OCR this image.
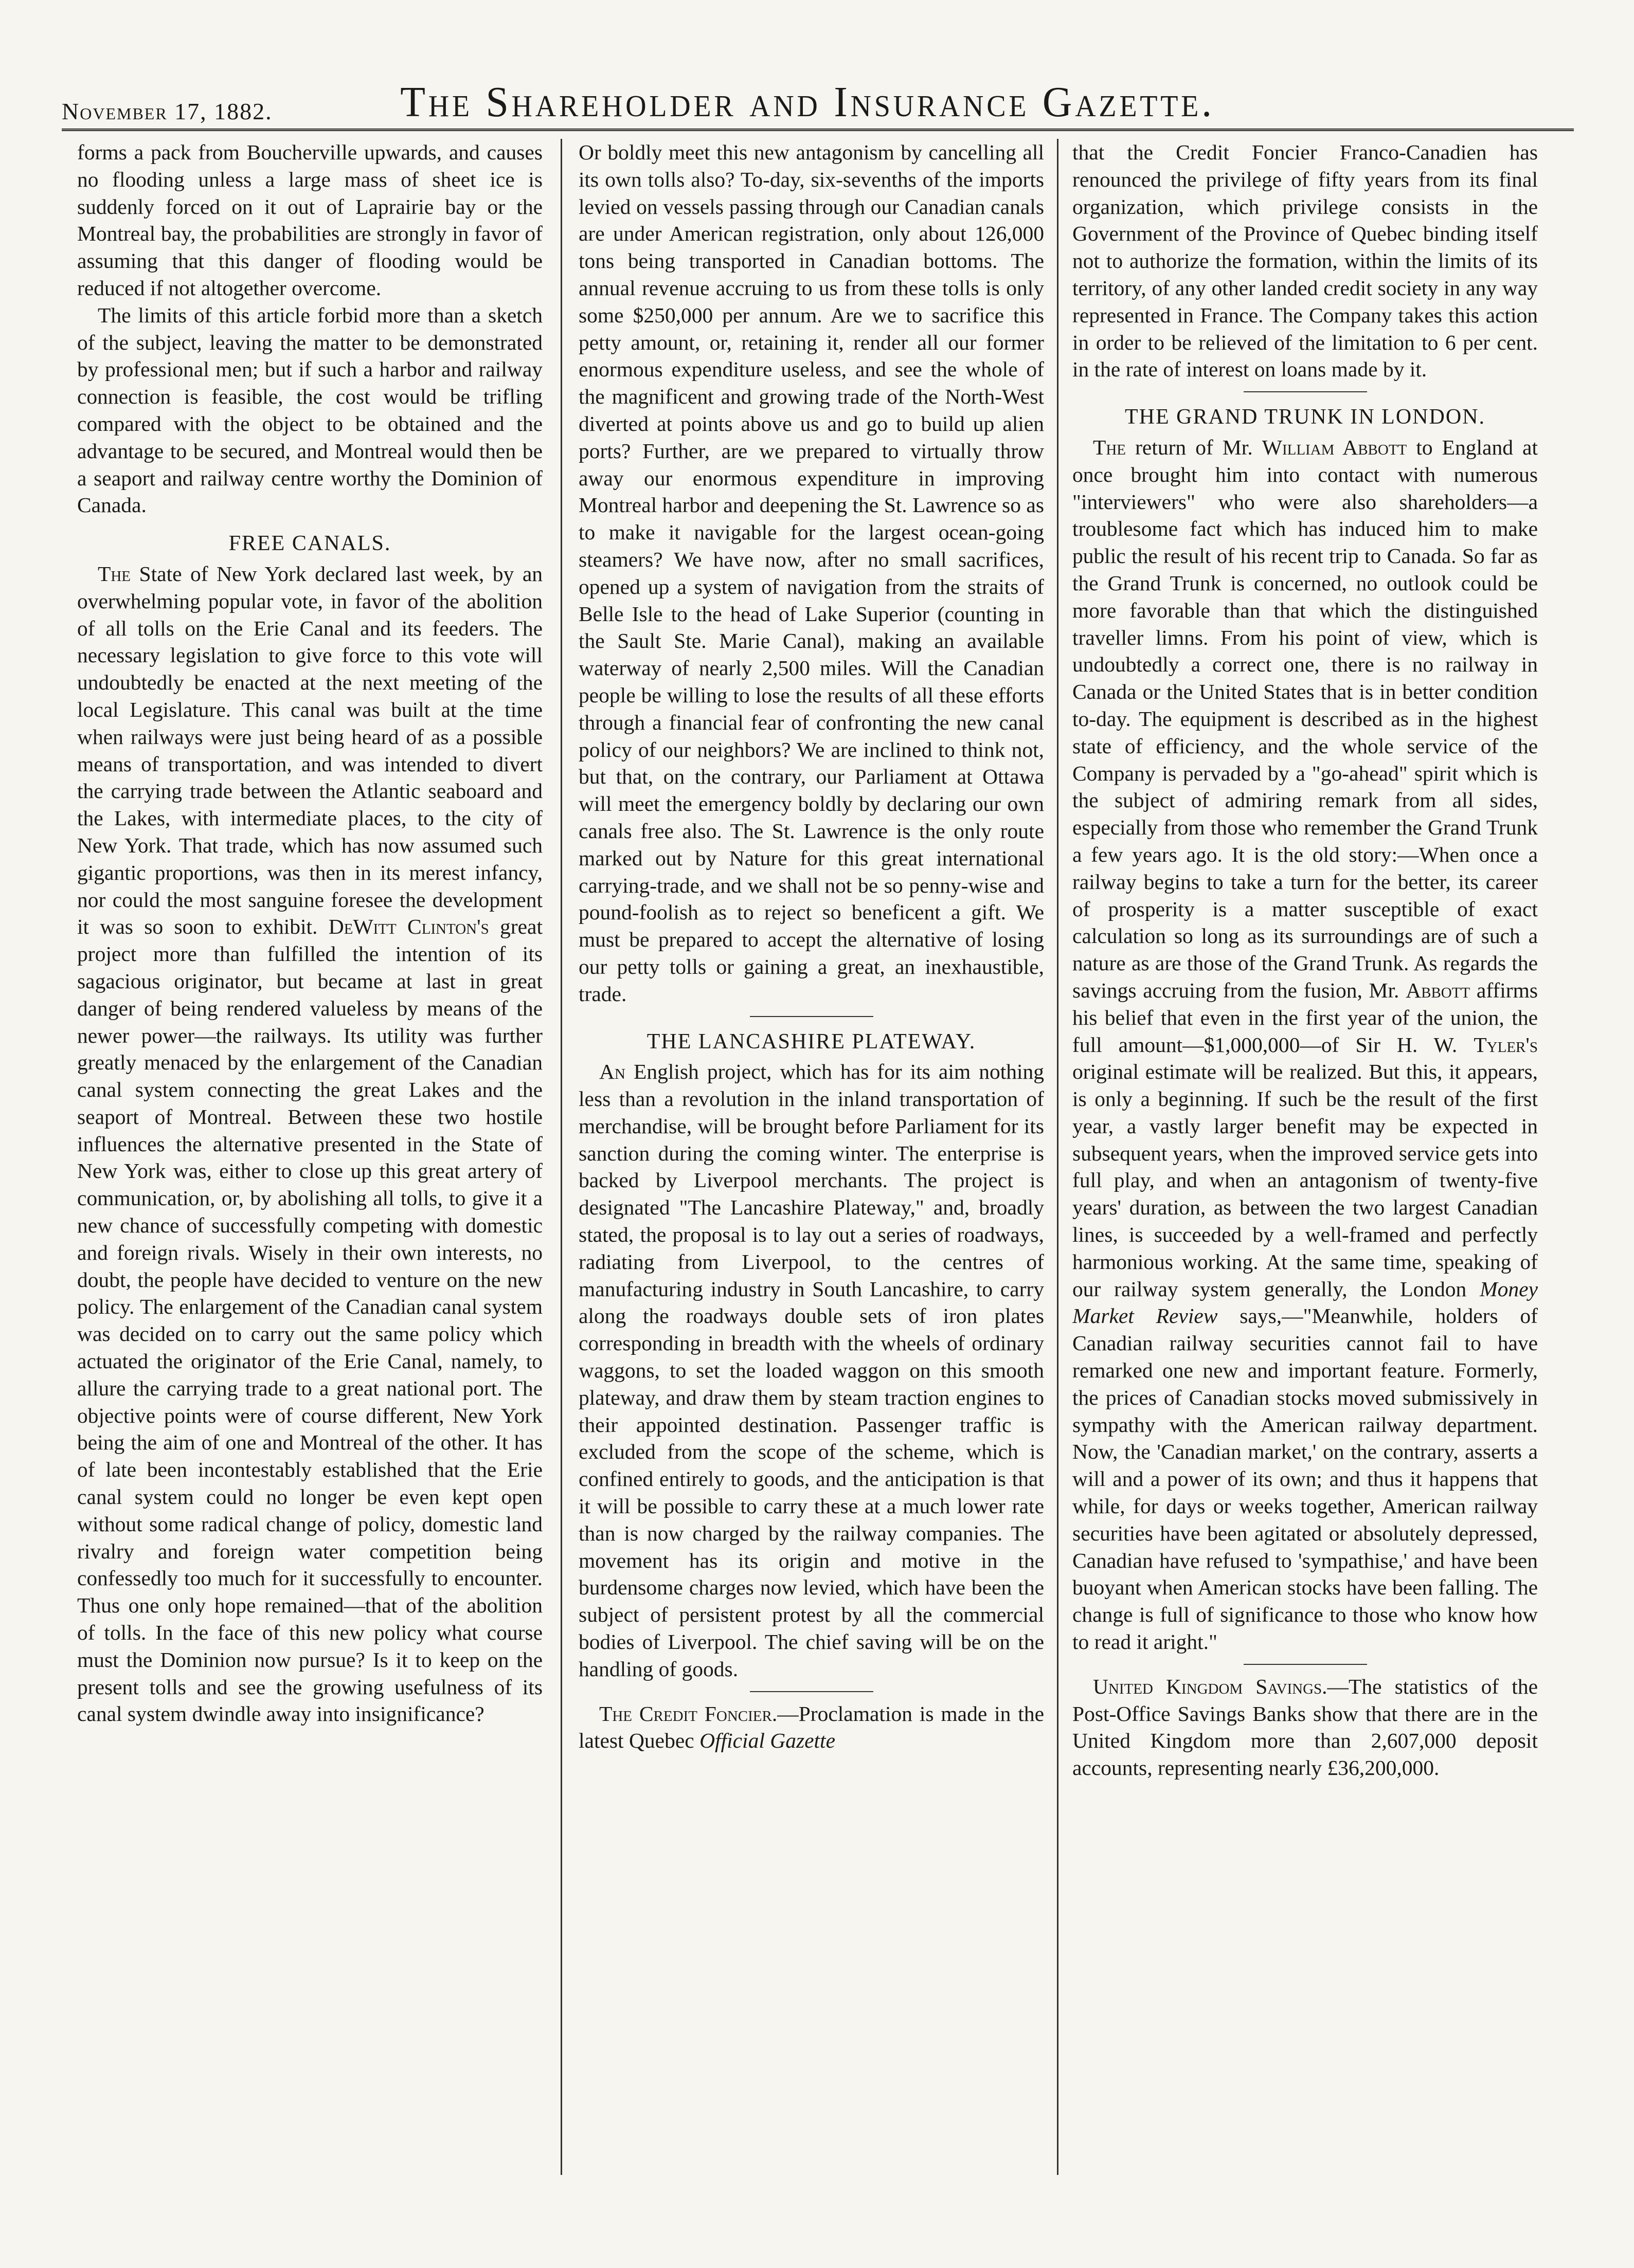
November 17, 1882.	The Shareholder and Insurance Gazette.

forms a pack from Boucherville upwards, and causes no flooding unless a large mass of sheet ice is suddenly forced on it out of Laprairie bay or the Montreal bay, the probabilities are strongly in favor of assuming that this danger of flooding would be reduced if not altogether overcome.

The limits of this article forbid more than a sketch of the subject, leaving the matter to be demonstrated by professional men; but if such a harbor and railway connection is feasible, the cost would be trifling compared with the object to be obtained and the advantage to be secured, and Montreal would then be a seaport and railway centre worthy the Dominion of Canada.

FREE CANALS.

The State of New York declared last week, by an overwhelming popular vote, in favor of the abolition of all tolls on the Erie Canal and its feeders. The necessary legislation to give force to this vote will undoubtedly be enacted at the next meeting of the local Legislature. This canal was built at the time when railways were just being heard of as a possible means of transportation, and was intended to divert the carrying trade between the Atlantic seaboard and the Lakes, with intermediate places, to the city of New York. That trade, which has now assumed such gigantic proportions, was then in its merest infancy, nor could the most sanguine foresee the development it was so soon to exhibit. DeWitt Clinton's great project more than fulfilled the intention of its sagacious originator, but became at last in great danger of being rendered valueless by means of the newer power—the railways. Its utility was further greatly menaced by the enlargement of the Canadian canal system connecting the great Lakes and the seaport of Montreal. Between these two hostile influences the alternative presented in the State of New York was, either to close up this great artery of communication, or, by abolishing all tolls, to give it a new chance of successfully competing with domestic and foreign rivals. Wisely in their own interests, no doubt, the people have decided to venture on the new policy. The enlargement of the Canadian canal system was decided on to carry out the same policy which actuated the originator of the Erie Canal, namely, to allure the carrying trade to a great national port. The objective points were of course different, New York being the aim of one and Montreal of the other. It has of late been incontestably established that the Erie canal system could no longer be even kept open without some radical change of policy, domestic land rivalry and foreign water competition being confessedly too much for it successfully to encounter. Thus one only hope remained—that of the abolition of tolls. In the face of this new policy what course must the Dominion now pursue? Is it to keep on the present tolls and see the growing usefulness of its canal system dwindle away into insignificance?

Or boldly meet this new antagonism by cancelling all its own tolls also? To-day, six-sevenths of the imports levied on vessels passing through our Canadian canals are under American registration, only about 126,000 tons being transported in Canadian bottoms. The annual revenue accruing to us from these tolls is only some $250,000 per annum. Are we to sacrifice this petty amount, or, retaining it, render all our former enormous expenditure useless, and see the whole of the magnificent and growing trade of the North-West diverted at points above us and go to build up alien ports? Further, are we prepared to virtually throw away our enormous expenditure in improving Montreal harbor and deepening the St. Lawrence so as to make it navigable for the largest ocean-going steamers? We have now, after no small sacrifices, opened up a system of navigation from the straits of Belle Isle to the head of Lake Superior (counting in the Sault Ste. Marie Canal), making an available waterway of nearly 2,500 miles. Will the Canadian people be willing to lose the results of all these efforts through a financial fear of confronting the new canal policy of our neighbors? We are inclined to think not, but that, on the contrary, our Parliament at Ottawa will meet the emergency boldly by declaring our own canals free also. The St. Lawrence is the only route marked out by Nature for this great international carrying-trade, and we shall not be so penny-wise and pound-foolish as to reject so beneficent a gift. We must be prepared to accept the alternative of losing our petty tolls or gaining a great, an inexhaustible, trade.

THE LANCASHIRE PLATEWAY.

An English project, which has for its aim nothing less than a revolution in the inland transportation of merchandise, will be brought before Parliament for its sanction during the coming winter. The enterprise is backed by Liverpool merchants. The project is designated "The Lancashire Plateway," and, broadly stated, the proposal is to lay out a series of roadways, radiating from Liverpool, to the centres of manufacturing industry in South Lancashire, to carry along the roadways double sets of iron plates corresponding in breadth with the wheels of ordinary waggons, to set the loaded waggon on this smooth plateway, and draw them by steam traction engines to their appointed destination. Passenger traffic is excluded from the scope of the scheme, which is confined entirely to goods, and the anticipation is that it will be possible to carry these at a much lower rate than is now charged by the railway companies. The movement has its origin and motive in the burdensome charges now levied, which have been the subject of persistent protest by all the commercial bodies of Liverpool. The chief saving will be on the handling of goods.

The Credit Foncier.—Proclamation is made in the latest Quebec Official Gazette

that the Credit Foncier Franco-Canadien has renounced the privilege of fifty years from its final organization, which privilege consists in the Government of the Province of Quebec binding itself not to authorize the formation, within the limits of its territory, of any other landed credit society in any way represented in France. The Company takes this action in order to be relieved of the limitation to 6 per cent. in the rate of interest on loans made by it.

THE GRAND TRUNK IN LONDON.

The return of Mr. William Abbott to England at once brought him into contact with numerous "interviewers" who were also shareholders—a troublesome fact which has induced him to make public the result of his recent trip to Canada. So far as the Grand Trunk is concerned, no outlook could be more favorable than that which the distinguished traveller limns. From his point of view, which is undoubtedly a correct one, there is no railway in Canada or the United States that is in better condition to-day. The equipment is described as in the highest state of efficiency, and the whole service of the Company is pervaded by a "go-ahead" spirit which is the subject of admiring remark from all sides, especially from those who remember the Grand Trunk a few years ago. It is the old story:—When once a railway begins to take a turn for the better, its career of prosperity is a matter susceptible of exact calculation so long as its surroundings are of such a nature as are those of the Grand Trunk. As regards the savings accruing from the fusion, Mr. Abbott affirms his belief that even in the first year of the union, the full amount—$1,000,000—of Sir H. W. Tyler's original estimate will be realized. But this, it appears, is only a beginning. If such be the result of the first year, a vastly larger benefit may be expected in subsequent years, when the improved service gets into full play, and when an antagonism of twenty-five years' duration, as between the two largest Canadian lines, is succeeded by a well-framed and perfectly harmonious working. At the same time, speaking of our railway system generally, the London Money Market Review says,—"Meanwhile, holders of Canadian railway securities cannot fail to have remarked one new and important feature. Formerly, the prices of Canadian stocks moved submissively in sympathy with the American railway department. Now, the 'Canadian market,' on the contrary, asserts a will and a power of its own; and thus it happens that while, for days or weeks together, American railway securities have been agitated or absolutely depressed, Canadian have refused to 'sympathise,' and have been buoyant when American stocks have been falling. The change is full of significance to those who know how to read it aright."

United Kingdom Savings.—The statistics of the Post-Office Savings Banks show that there are in the United Kingdom more than 2,607,000 deposit accounts, representing nearly £36,200,000.
